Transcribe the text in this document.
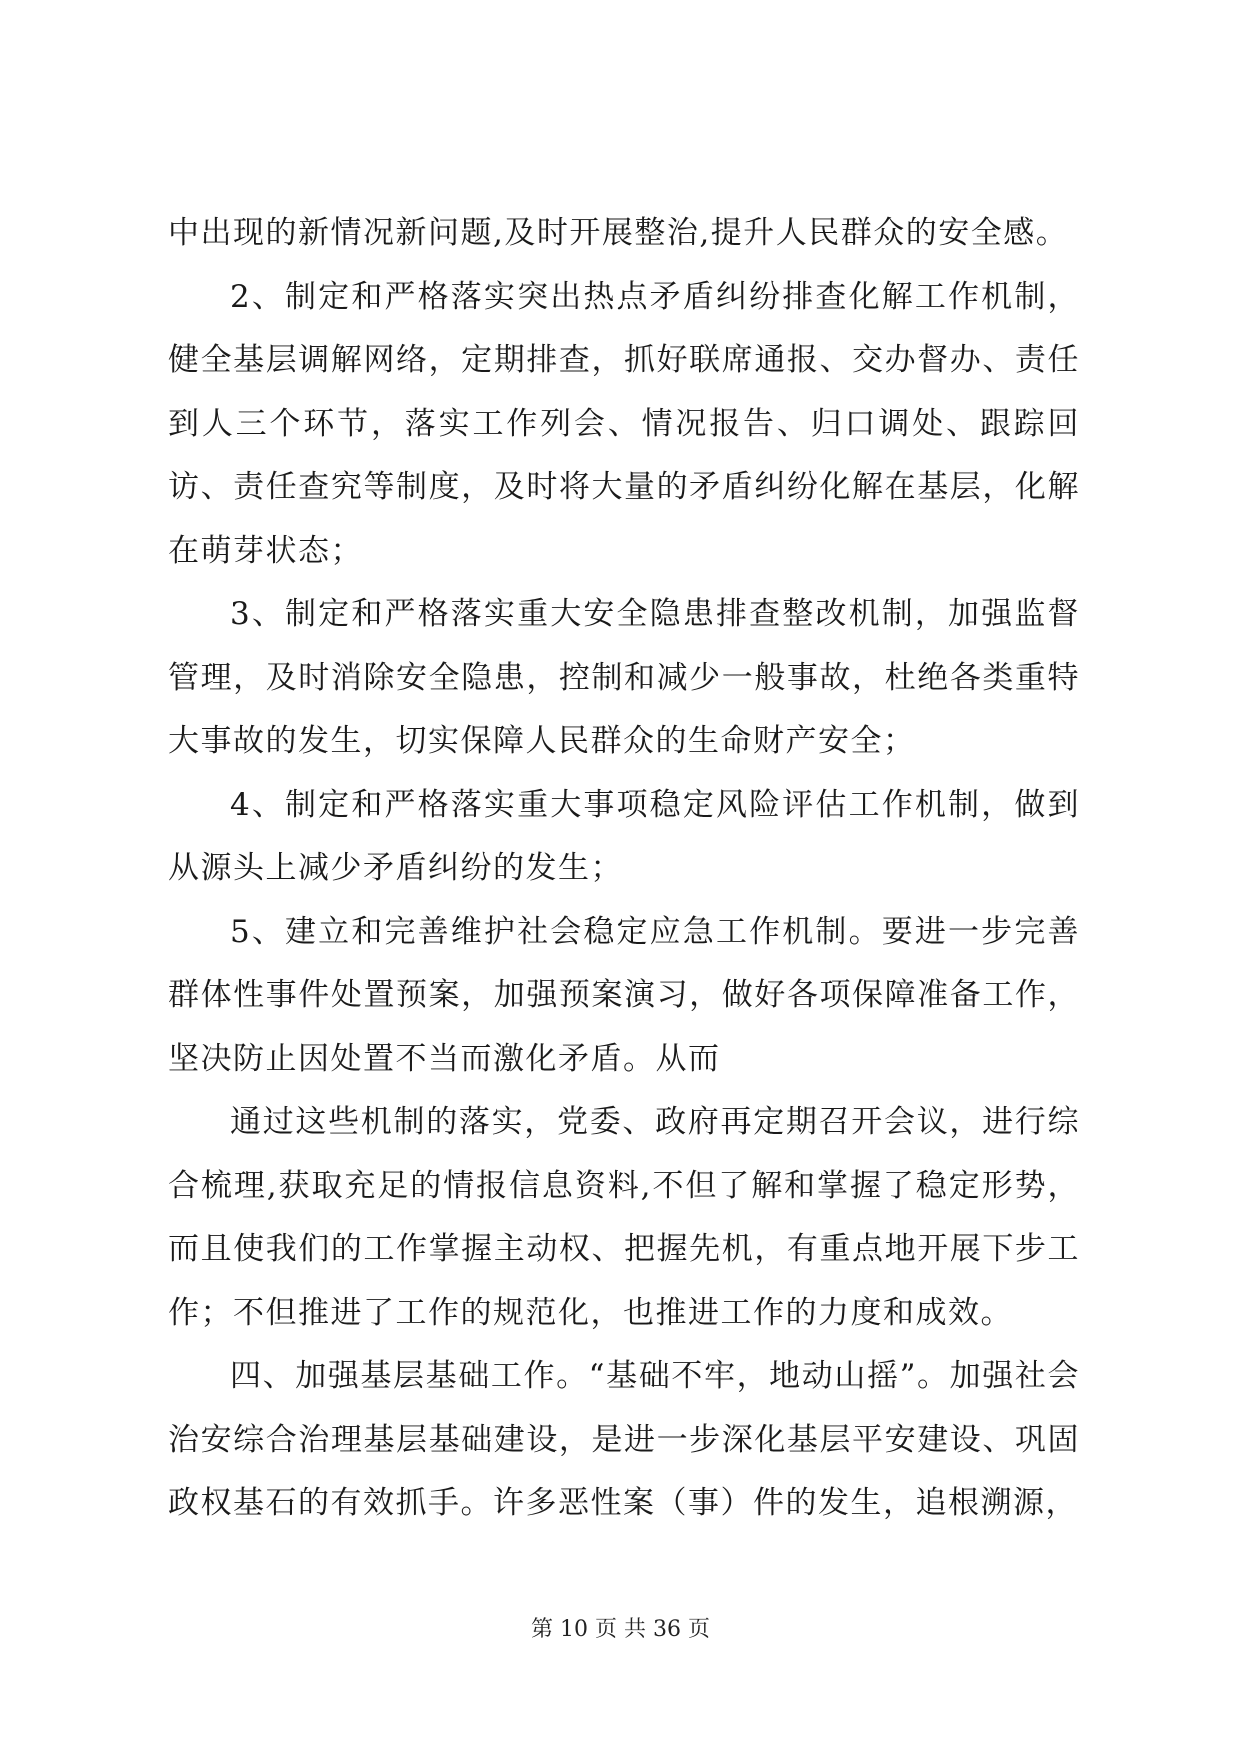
中出现的新情况新问题,及时开展整治,提升人民群众的安全感。

2、制定和严格落实突出热点矛盾纠纷排查化解工作机制，健全基层调解网络，定期排查，抓好联席通报、交办督办、责任到人三个环节，落实工作列会、情况报告、归口调处、跟踪回访、责任查究等制度，及时将大量的矛盾纠纷化解在基层，化解在萌芽状态；

3、制定和严格落实重大安全隐患排查整改机制，加强监督管理，及时消除安全隐患，控制和减少一般事故，杜绝各类重特大事故的发生，切实保障人民群众的生命财产安全；

4、制定和严格落实重大事项稳定风险评估工作机制，做到从源头上减少矛盾纠纷的发生；

5、建立和完善维护社会稳定应急工作机制。要进一步完善群体性事件处置预案，加强预案演习，做好各项保障准备工作，坚决防止因处置不当而激化矛盾。从而

通过这些机制的落实，党委、政府再定期召开会议，进行综合梳理,获取充足的情报信息资料,不但了解和掌握了稳定形势，而且使我们的工作掌握主动权、把握先机，有重点地开展下步工作；不但推进了工作的规范化，也推进工作的力度和成效。

四、加强基层基础工作。“基础不牢，地动山摇”。加强社会治安综合治理基层基础建设，是进一步深化基层平安建设、巩固政权基石的有效抓手。许多恶性案（事）件的发生，追根溯源，

第 10 页 共 36 页
